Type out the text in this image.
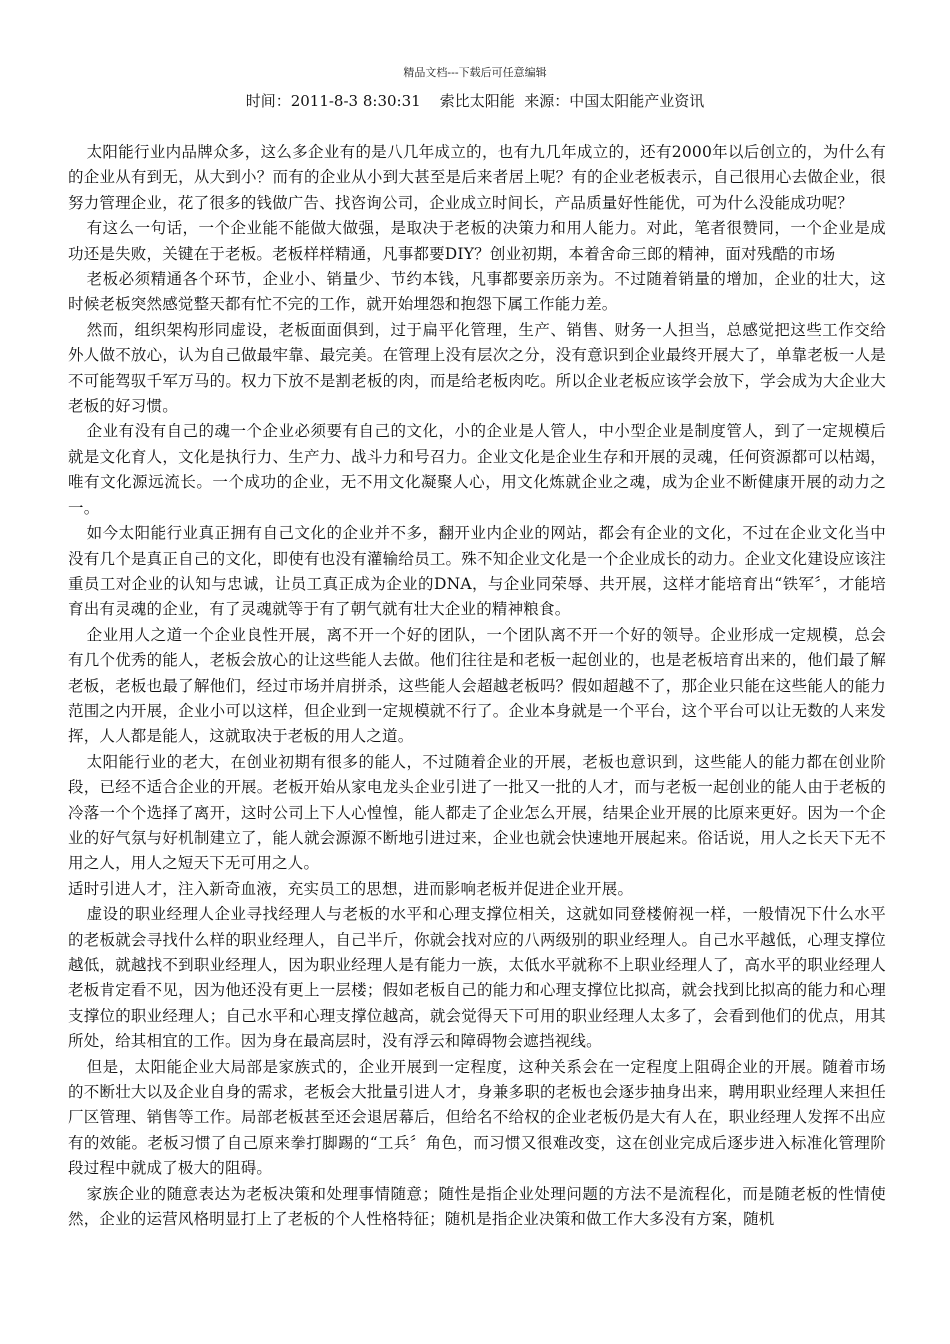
精品文档---下载后可任意编辑
时间：2011-8-3 8:30:31    索比太阳能  来源：中国太阳能产业资讯

太阳能行业内品牌众多，这么多企业有的是八几年成立的，也有九几年成立的，还有2000年以后创立的，为什么有的企业从有到无，从大到小？而有的企业从小到大甚至是后来者居上呢？有的企业老板表示，自己很用心去做企业，很努力管理企业，花了很多的钱做广告、找咨询公司，企业成立时间长，产品质量好性能优，可为什么没能成功呢？

有这么一句话，一个企业能不能做大做强，是取决于老板的决策力和用人能力。对此，笔者很赞同，一个企业是成功还是失败，关键在于老板。老板样样精通，凡事都要DIY？创业初期，本着舍命三郎的精神，面对残酷的市场

老板必须精通各个环节，企业小、销量少、节约本钱，凡事都要亲历亲为。不过随着销量的增加，企业的壮大，这时候老板突然感觉整天都有忙不完的工作，就开始埋怨和抱怨下属工作能力差。

然而，组织架构形同虚设，老板面面俱到，过于扁平化管理，生产、销售、财务一人担当，总感觉把这些工作交给外人做不放心，认为自己做最牢靠、最完美。在管理上没有层次之分，没有意识到企业最终开展大了，单靠老板一人是不可能驾驭千军万马的。权力下放不是割老板的肉，而是给老板肉吃。所以企业老板应该学会放下，学会成为大企业大老板的好习惯。

企业有没有自己的魂一个企业必须要有自己的文化，小的企业是人管人，中小型企业是制度管人，到了一定规模后就是文化育人，文化是执行力、生产力、战斗力和号召力。企业文化是企业生存和开展的灵魂，任何资源都可以枯竭，唯有文化源远流长。一个成功的企业，无不用文化凝聚人心，用文化炼就企业之魂，成为企业不断健康开展的动力之一。

如今太阳能行业真正拥有自己文化的企业并不多，翻开业内企业的网站，都会有企业的文化，不过在企业文化当中没有几个是真正自己的文化，即使有也没有灌输给员工。殊不知企业文化是一个企业成长的动力。企业文化建设应该注重员工对企业的认知与忠诚，让员工真正成为企业的DNA，与企业同荣辱、共开展，这样才能培育出“铁军〞，才能培育出有灵魂的企业，有了灵魂就等于有了朝气就有壮大企业的精神粮食。

企业用人之道一个企业良性开展，离不开一个好的团队，一个团队离不开一个好的领导。企业形成一定规模，总会有几个优秀的能人，老板会放心的让这些能人去做。他们往往是和老板一起创业的，也是老板培育出来的，他们最了解老板，老板也最了解他们，经过市场并肩拼杀，这些能人会超越老板吗？假如超越不了，那企业只能在这些能人的能力范围之内开展，企业小可以这样，但企业到一定规模就不行了。企业本身就是一个平台，这个平台可以让无数的人来发挥，人人都是能人，这就取决于老板的用人之道。

太阳能行业的老大，在创业初期有很多的能人，不过随着企业的开展，老板也意识到，这些能人的能力都在创业阶段，已经不适合企业的开展。老板开始从家电龙头企业引进了一批又一批的人才，而与老板一起创业的能人由于老板的冷落一个个选择了离开，这时公司上下人心惶惶，能人都走了企业怎么开展，结果企业开展的比原来更好。因为一个企业的好气氛与好机制建立了，能人就会源源不断地引进过来，企业也就会快速地开展起来。俗话说，用人之长天下无不用之人，用人之短天下无可用之人。

适时引进人才，注入新奇血液，充实员工的思想，进而影响老板并促进企业开展。

虚设的职业经理人企业寻找经理人与老板的水平和心理支撑位相关，这就如同登楼俯视一样，一般情况下什么水平的老板就会寻找什么样的职业经理人，自己半斤，你就会找对应的八两级别的职业经理人。自己水平越低，心理支撑位越低，就越找不到职业经理人，因为职业经理人是有能力一族，太低水平就称不上职业经理人了，高水平的职业经理人老板肯定看不见，因为他还没有更上一层楼；假如老板自己的能力和心理支撑位比拟高，就会找到比拟高的能力和心理支撑位的职业经理人；自己水平和心理支撑位越高，就会觉得天下可用的职业经理人太多了，会看到他们的优点，用其所处，给其相宜的工作。因为身在最高层时，没有浮云和障碍物会遮挡视线。

但是，太阳能企业大局部是家族式的，企业开展到一定程度，这种关系会在一定程度上阻碍企业的开展。随着市场的不断壮大以及企业自身的需求，老板会大批量引进人才，身兼多职的老板也会逐步抽身出来，聘用职业经理人来担任厂区管理、销售等工作。局部老板甚至还会退居幕后，但给名不给权的企业老板仍是大有人在，职业经理人发挥不出应有的效能。老板习惯了自己原来拳打脚踢的“工兵〞角色，而习惯又很难改变，这在创业完成后逐步进入标准化管理阶段过程中就成了极大的阻碍。

家族企业的随意表达为老板决策和处理事情随意；随性是指企业处理问题的方法不是流程化，而是随老板的性情使然，企业的运营风格明显打上了老板的个人性格特征；随机是指企业决策和做工作大多没有方案，随机
